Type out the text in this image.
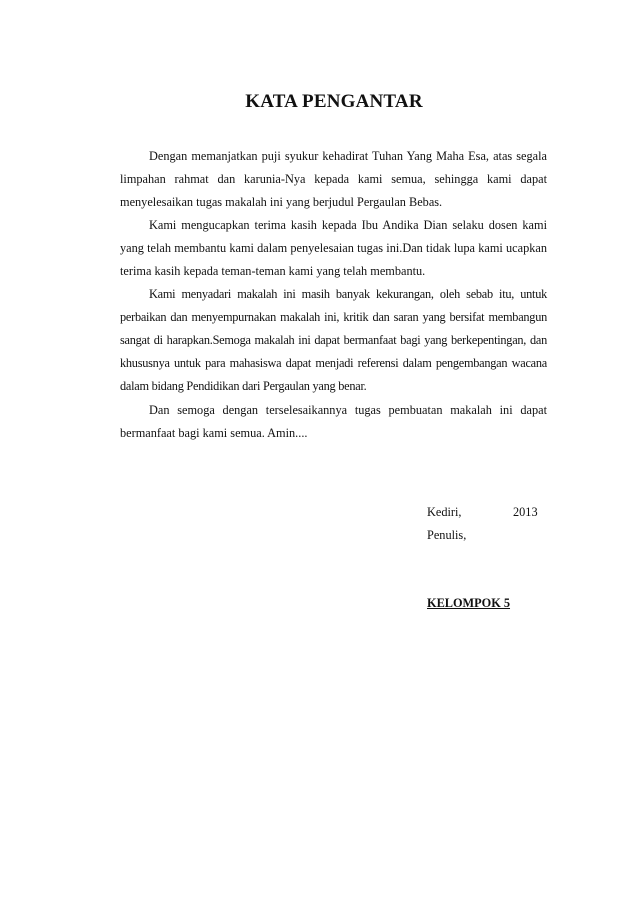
KATA PENGANTAR

Dengan memanjatkan puji syukur kehadirat Tuhan Yang Maha Esa, atas segala limpahan rahmat dan karunia-Nya kepada kami semua, sehingga kami dapat menyelesaikan tugas makalah ini yang berjudul Pergaulan Bebas.

Kami mengucapkan terima kasih kepada Ibu Andika Dian selaku dosen kami yang telah membantu kami dalam penyelesaian tugas ini.Dan tidak lupa kami ucapkan terima kasih kepada teman-teman kami yang telah membantu.

Kami menyadari makalah ini masih banyak kekurangan, oleh sebab itu, untuk perbaikan dan menyempurnakan makalah ini, kritik dan saran yang bersifat membangun sangat di harapkan.Semoga makalah ini dapat bermanfaat bagi yang berkepentingan, dan khususnya untuk para mahasiswa dapat menjadi referensi dalam pengembangan wacana dalam bidang Pendidikan dari Pergaulan yang benar.

Dan semoga dengan terselesaikannya tugas pembuatan makalah ini dapat bermanfaat bagi kami semua. Amin....

Kediri,	2013
Penulis,
KELOMPOK 5
